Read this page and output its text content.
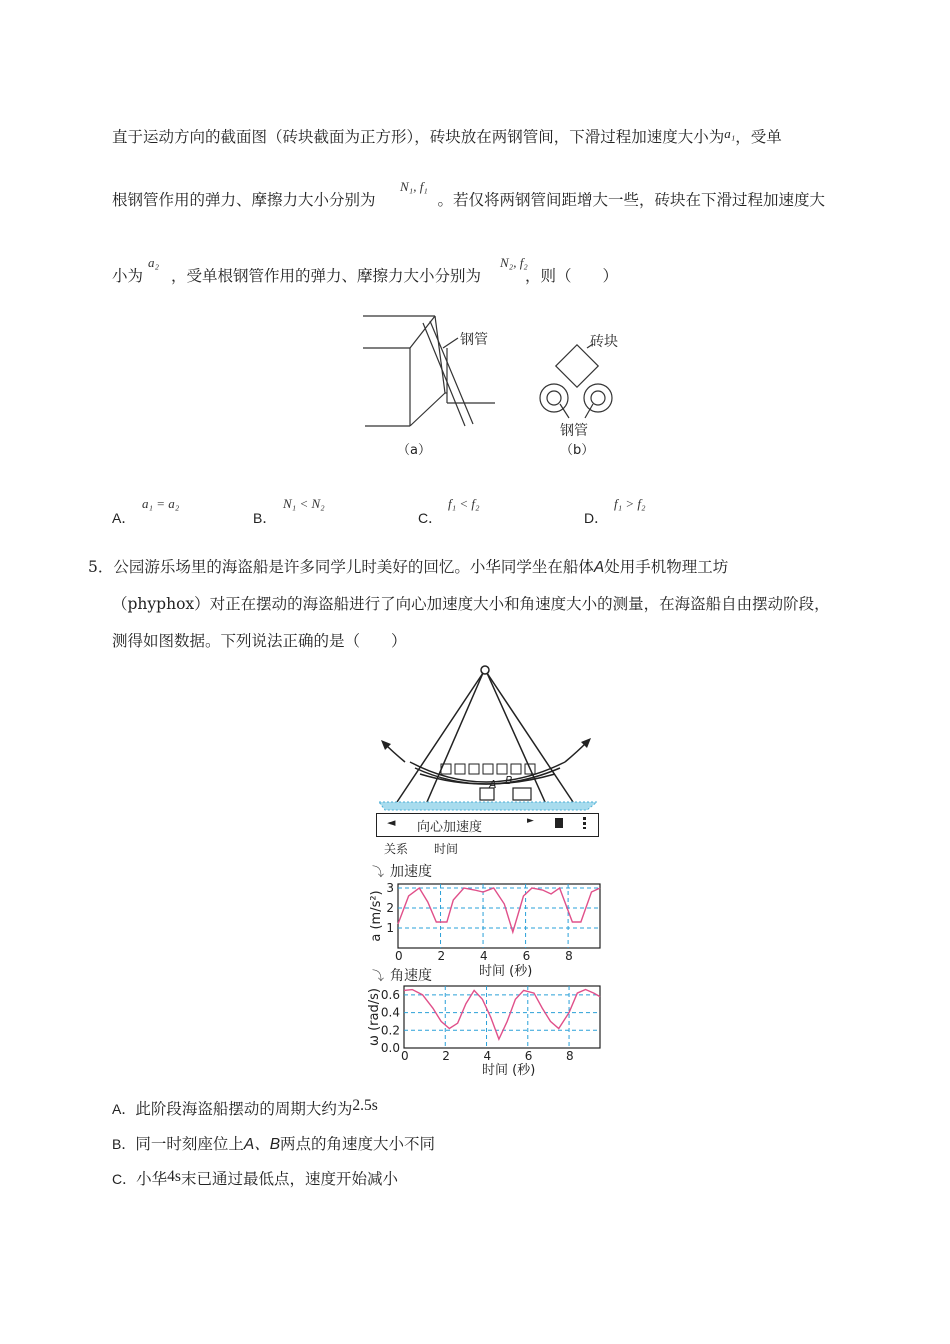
直于运动方向的截面图（砖块截面为正方形），砖块放在两钢管间，下滑过程加速度大小为$^{a_1}$，受单
N₁, f₁
根钢管作用的弹力、摩擦力大小分别为	。若仅将两钢管间距增大一些，砖块在下滑过程加速度大
a₂	N₂, f₂
小为 ，受单根钢管作用的弹力、摩擦力大小分别为	，则（　　）
钢管
（a）
砖块
钢管
（b）
A．
a₁ = a₂
B．
N₁ < N₂
C．
f₁ < f₂
D．
f₁ > f₂
5．公园游乐场里的海盗船是许多同学儿时美好的回忆。小华同学坐在船体A处用手机物理工坊
（phyphox）对正在摆动的海盗船进行了向心加速度大小和角速度大小的测量，在海盗船自由摆动阶段，
测得如图数据。下列说法正确的是（　　）
A B
◄ 向心加速度	►
关系 时间
⤵ 加速度
⤵ 角速度
0	2	4	6	8
1
2
3
a (m/s²)
时间 (秒)
0	2	4	6	8
0.0
0.2
0.4
0.6
ω (rad/s)
时间 (秒)
A．此阶段海盗船摆动的周期大约为2.5s
B．同一时刻座位上A、B两点的角速度大小不同
C．小华4s末已通过最低点，速度开始减小
